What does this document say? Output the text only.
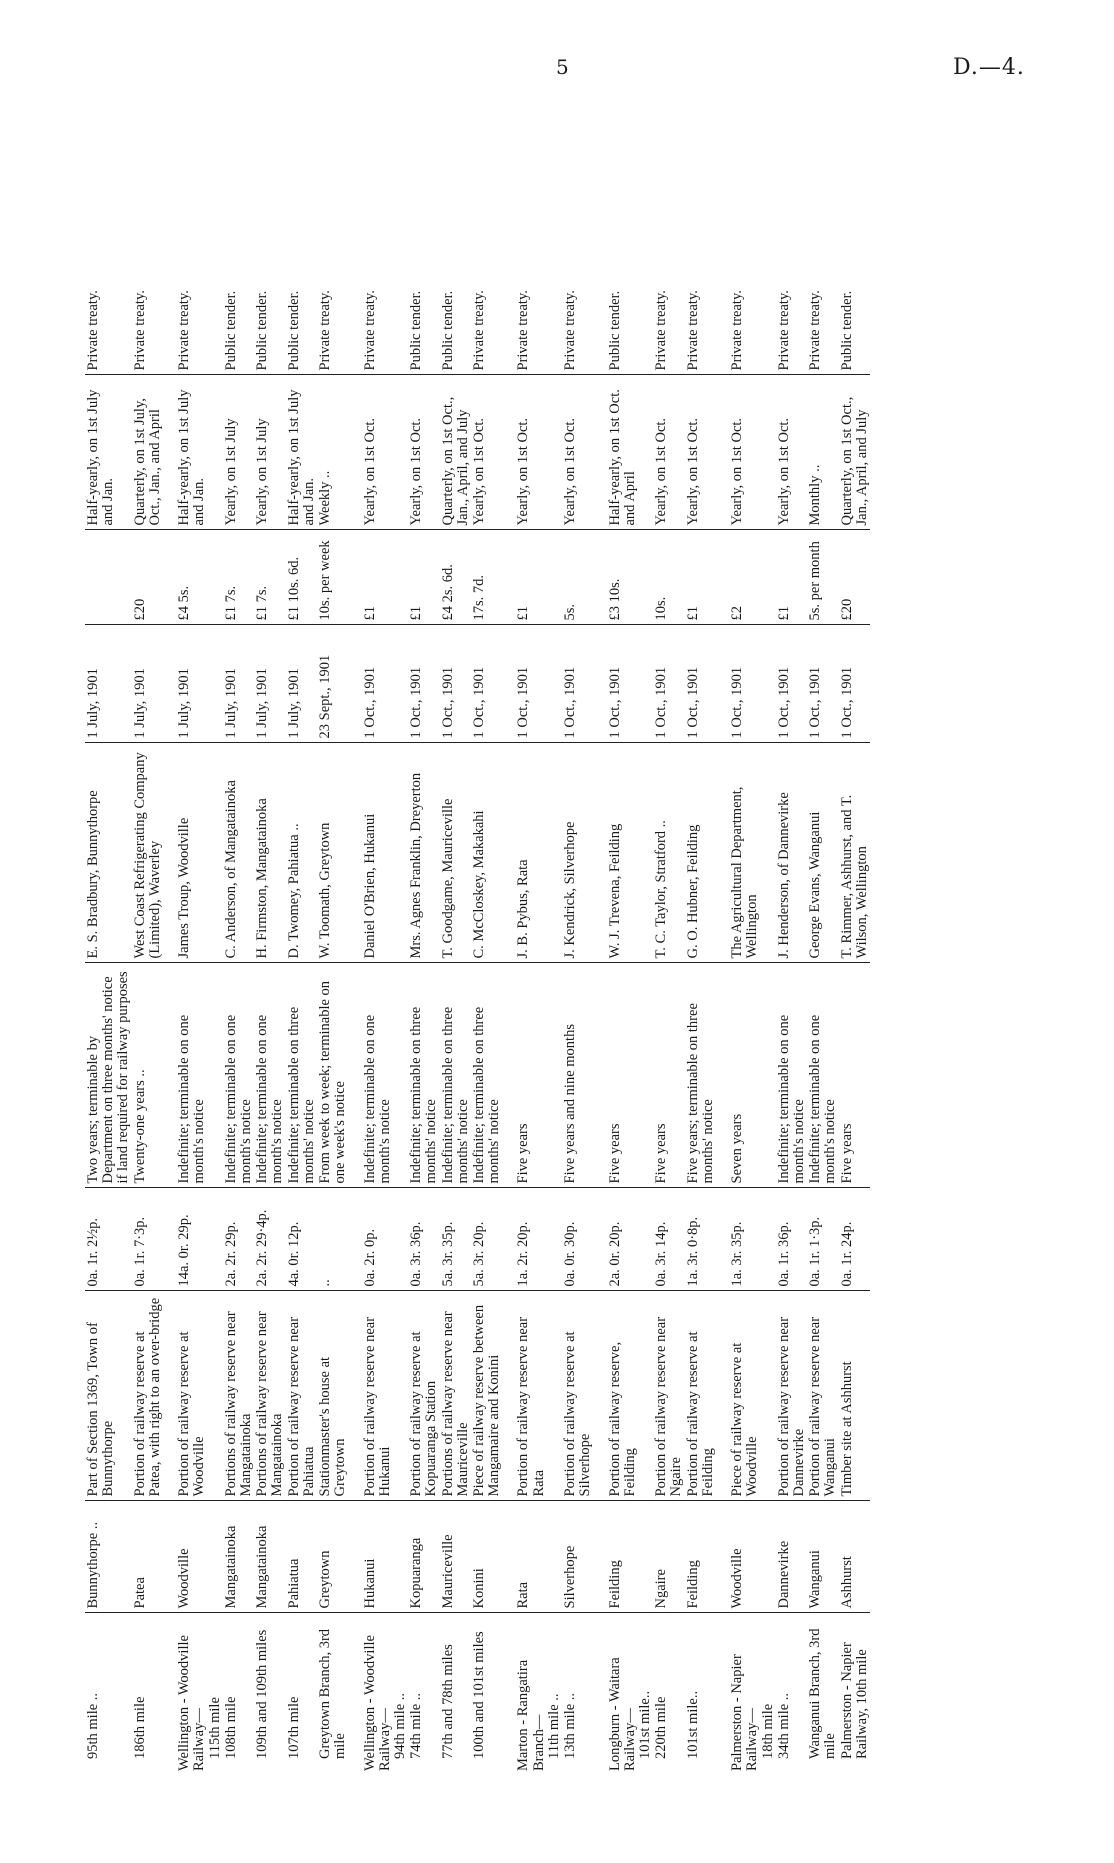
5	D.—4.
95th mile ..	Bunnythorpe ..	Part of Section 1369, Town of Bunnythorpe	0a. 1r. 2½p.	Two years; terminable by Department on three months' notice if land required for railway purposes	E. S. Bradbury, Bunnythorpe	1 July, 1901		Half-yearly, on 1st July and Jan.	Private treaty.
186th mile	Patea	Portion of railway reserve at Patea, with right to an over-bridge	0a. 1r. 7·3p.	Twenty-one years ..	West Coast Refrigerating Company (Limited), Waverley	1 July, 1901	£20	Quarterly, on 1st July, Oct., Jan., and April	Private treaty.

Wellington - Woodville Railway— 115th mile	Woodville	Portion of railway reserve at Woodville	14a. 0r. 29p.	Indefinite; terminable on one month's notice	James Troup, Woodville	1 July, 1901	£4 5s.	Half-yearly, on 1st July and Jan.	Private treaty.
108th mile	Mangatainoka	Portions of railway reserve near Mangatainoka	2a. 2r. 29p.	Indefinite; terminable on one month's notice	C. Anderson, of Mangatainoka	1 July, 1901	£1 7s.	Yearly, on 1st July	Public tender.
109th and 109th miles	Mangatainoka	Portions of railway reserve near Mangatainoka	2a. 2r. 29·4p.	Indefinite; terminable on one month's notice	H. Firmston, Mangatainoka	1 July, 1901	£1 7s.	Yearly, on 1st July	Public tender.
107th mile	Pahiatua	Portion of railway reserve near Pahiatua	4a. 0r. 12p.	Indefinite; terminable on three months' notice	D. Twomey, Pahiatua ..	1 July, 1901	£1 10s. 6d.	Half-yearly, on 1st July and Jan.	Public tender.
Greytown Branch, 3rd mile	Greytown	Stationmaster's house at Greytown	..	From week to week; terminable on one week's notice	W. Toomath, Greytown	23 Sept., 1901	10s. per week	Weekly ..	Private treaty.

Wellington - Woodville Railway— 94th mile ..	Hukanui	Portion of railway reserve near Hukanui	0a. 2r. 0p.	Indefinite; terminable on one month's notice	Daniel O'Brien, Hukanui	1 Oct., 1901	£1	Yearly, on 1st Oct.	Private treaty.
74th mile ..	Kopuaranga	Portion of railway reserve at Kopuaranga Station	0a. 3r. 36p.	Indefinite; terminable on three months' notice	Mrs. Agnes Franklin, Dreyerton	1 Oct., 1901	£1	Yearly, on 1st Oct.	Public tender.
77th and 78th miles	Mauriceville	Portions of railway reserve near Mauriceville	5a. 3r. 35p.	Indefinite; terminable on three months' notice	T. Goodgame, Mauriceville	1 Oct., 1901	£4 2s. 6d.	Quarterly, on 1st Oct., Jan., April, and July	Public tender.
100th and 101st miles	Konini	Piece of railway reserve between Mangamaire and Konini	5a. 3r. 20p.	Indefinite; terminable on three months' notice	C. McCloskey, Makakahi	1 Oct., 1901	17s. 7d.	Yearly, on 1st Oct.	Private treaty.

Marton - Rangatira Branch— 11th mile ..	Rata	Portion of railway reserve near Rata	1a. 2r. 20p.	Five years	J. B. Pybus, Rata	1 Oct., 1901	£1	Yearly, on 1st Oct.	Private treaty.
13th mile ..	Silverhope	Portion of railway reserve at Silverhope	0a. 0r. 30p.	Five years and nine months	J. Kendrick, Silverhope	1 Oct., 1901	5s.	Yearly, on 1st Oct.	Private treaty.

Longburn - Waitara Railway— 101st mile..	Feilding	Portion of railway reserve, Feilding	2a. 0r. 20p.	Five years	W. J. Trevena, Feilding	1 Oct., 1901	£3 10s.	Half-yearly, on 1st Oct. and April	Public tender.
220th mile	Ngaire	Portion of railway reserve near Ngaire	0a. 3r. 14p.	Five years	T. C. Taylor, Stratford ..	1 Oct., 1901	10s.	Yearly, on 1st Oct.	Private treaty.
101st mile..	Feilding	Portion of railway reserve at Feilding	1a. 3r. 0·8p.	Five years; terminable on three months' notice	G. O. Hubner, Feilding	1 Oct., 1901	£1	Yearly, on 1st Oct.	Private treaty.

Palmerston - Napier Railway— 18th mile	Woodville	Piece of railway reserve at Woodville	1a. 3r. 35p.	Seven years	The Agricultural Department, Wellington	1 Oct., 1901	£2	Yearly, on 1st Oct.	Private treaty.
34th mile ..	Dannevirke	Portion of railway reserve near Dannevirke	0a. 1r. 36p.	Indefinite; terminable on one month's notice	J. Henderson, of Dannevirke	1 Oct., 1901	£1	Yearly, on 1st Oct.	Private treaty.
Wanganui Branch, 3rd mile	Wanganui	Portion of railway reserve near Wanganui	0a. 1r. 1·3p.	Indefinite; terminable on one month's notice	George Evans, Wanganui	1 Oct., 1901	5s. per month	Monthly ..	Private treaty.
Palmerston - Napier Railway, 10th mile	Ashhurst	Timber site at Ashhurst	0a. 1r. 24p.	Five years	T. Rimmer, Ashhurst, and T. Wilson, Wellington	1 Oct., 1901	£20	Quarterly, on 1st Oct., Jan., April, and July	Public tender.
